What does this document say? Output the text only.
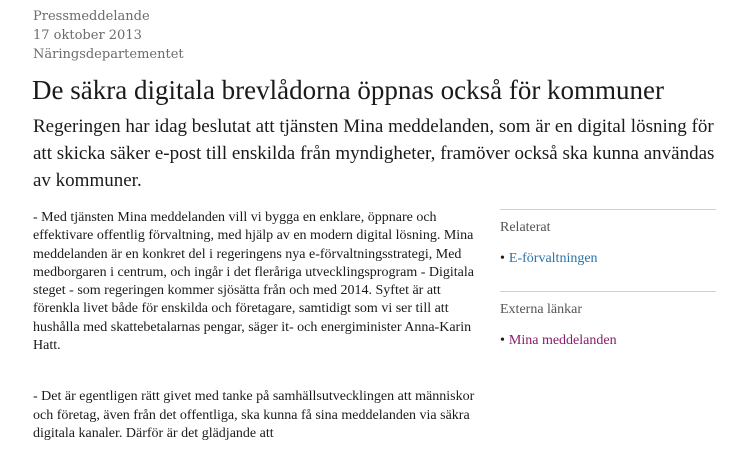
Pressmeddelande
17 oktober 2013
Näringsdepartementet
De säkra digitala brevlådorna öppnas också för kommuner

Regeringen har idag beslutat att tjänsten Mina meddelanden, som är en digital lösning för att skicka säker e-post till enskilda från myndigheter, framöver också ska kunna användas av kommuner.

- Med tjänsten Mina meddelanden vill vi bygga en enklare, öppnare och effektivare offentlig förvaltning, med hjälp av en modern digital lösning. Mina meddelanden är en konkret del i regeringens nya e-förvaltningsstrategi, Med medborgaren i centrum, och ingår i det fleråriga utvecklingsprogram - Digitala steget - som regeringen kommer sjösätta från och med 2014. Syftet är att förenkla livet både för enskilda och företagare, samtidigt som vi ser till att hushålla med skattebetalarnas pengar, säger it- och energiminister Anna-Karin Hatt.

- Det är egentligen rätt givet med tanke på samhällsutvecklingen att människor och företag, även från det offentliga, ska kunna få sina meddelanden via säkra digitala kanaler. Därför är det glädjande att

Relaterat
• E-förvaltningen
Externa länkar
• Mina meddelanden
